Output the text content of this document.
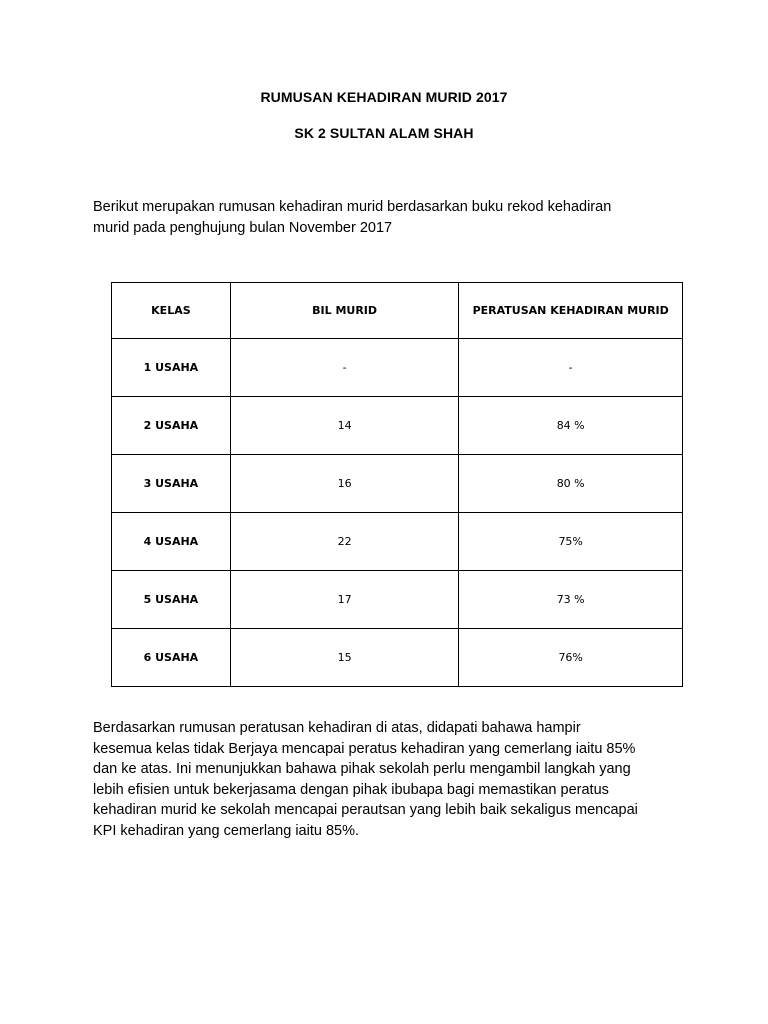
RUMUSAN KEHADIRAN MURID 2017
SK 2 SULTAN ALAM SHAH
Berikut merupakan rumusan kehadiran murid berdasarkan buku rekod kehadiran
murid pada penghujung bulan November 2017
KELAS	BIL MURID	PERATUSAN KEHADIRAN MURID
1 USAHA	-	-
2 USAHA	14	84 %
3 USAHA	16	80 %
4 USAHA	22	75%
5 USAHA	17	73 %
6 USAHA	15	76%
Berdasarkan rumusan peratusan kehadiran di atas, didapati bahawa hampir
kesemua kelas tidak Berjaya mencapai peratus kehadiran yang cemerlang iaitu 85%
dan ke atas. Ini menunjukkan bahawa pihak sekolah perlu mengambil langkah yang
lebih efisien untuk bekerjasama dengan pihak ibubapa bagi memastikan peratus
kehadiran murid ke sekolah mencapai perautsan yang lebih baik sekaligus mencapai
KPI kehadiran yang cemerlang iaitu 85%.
